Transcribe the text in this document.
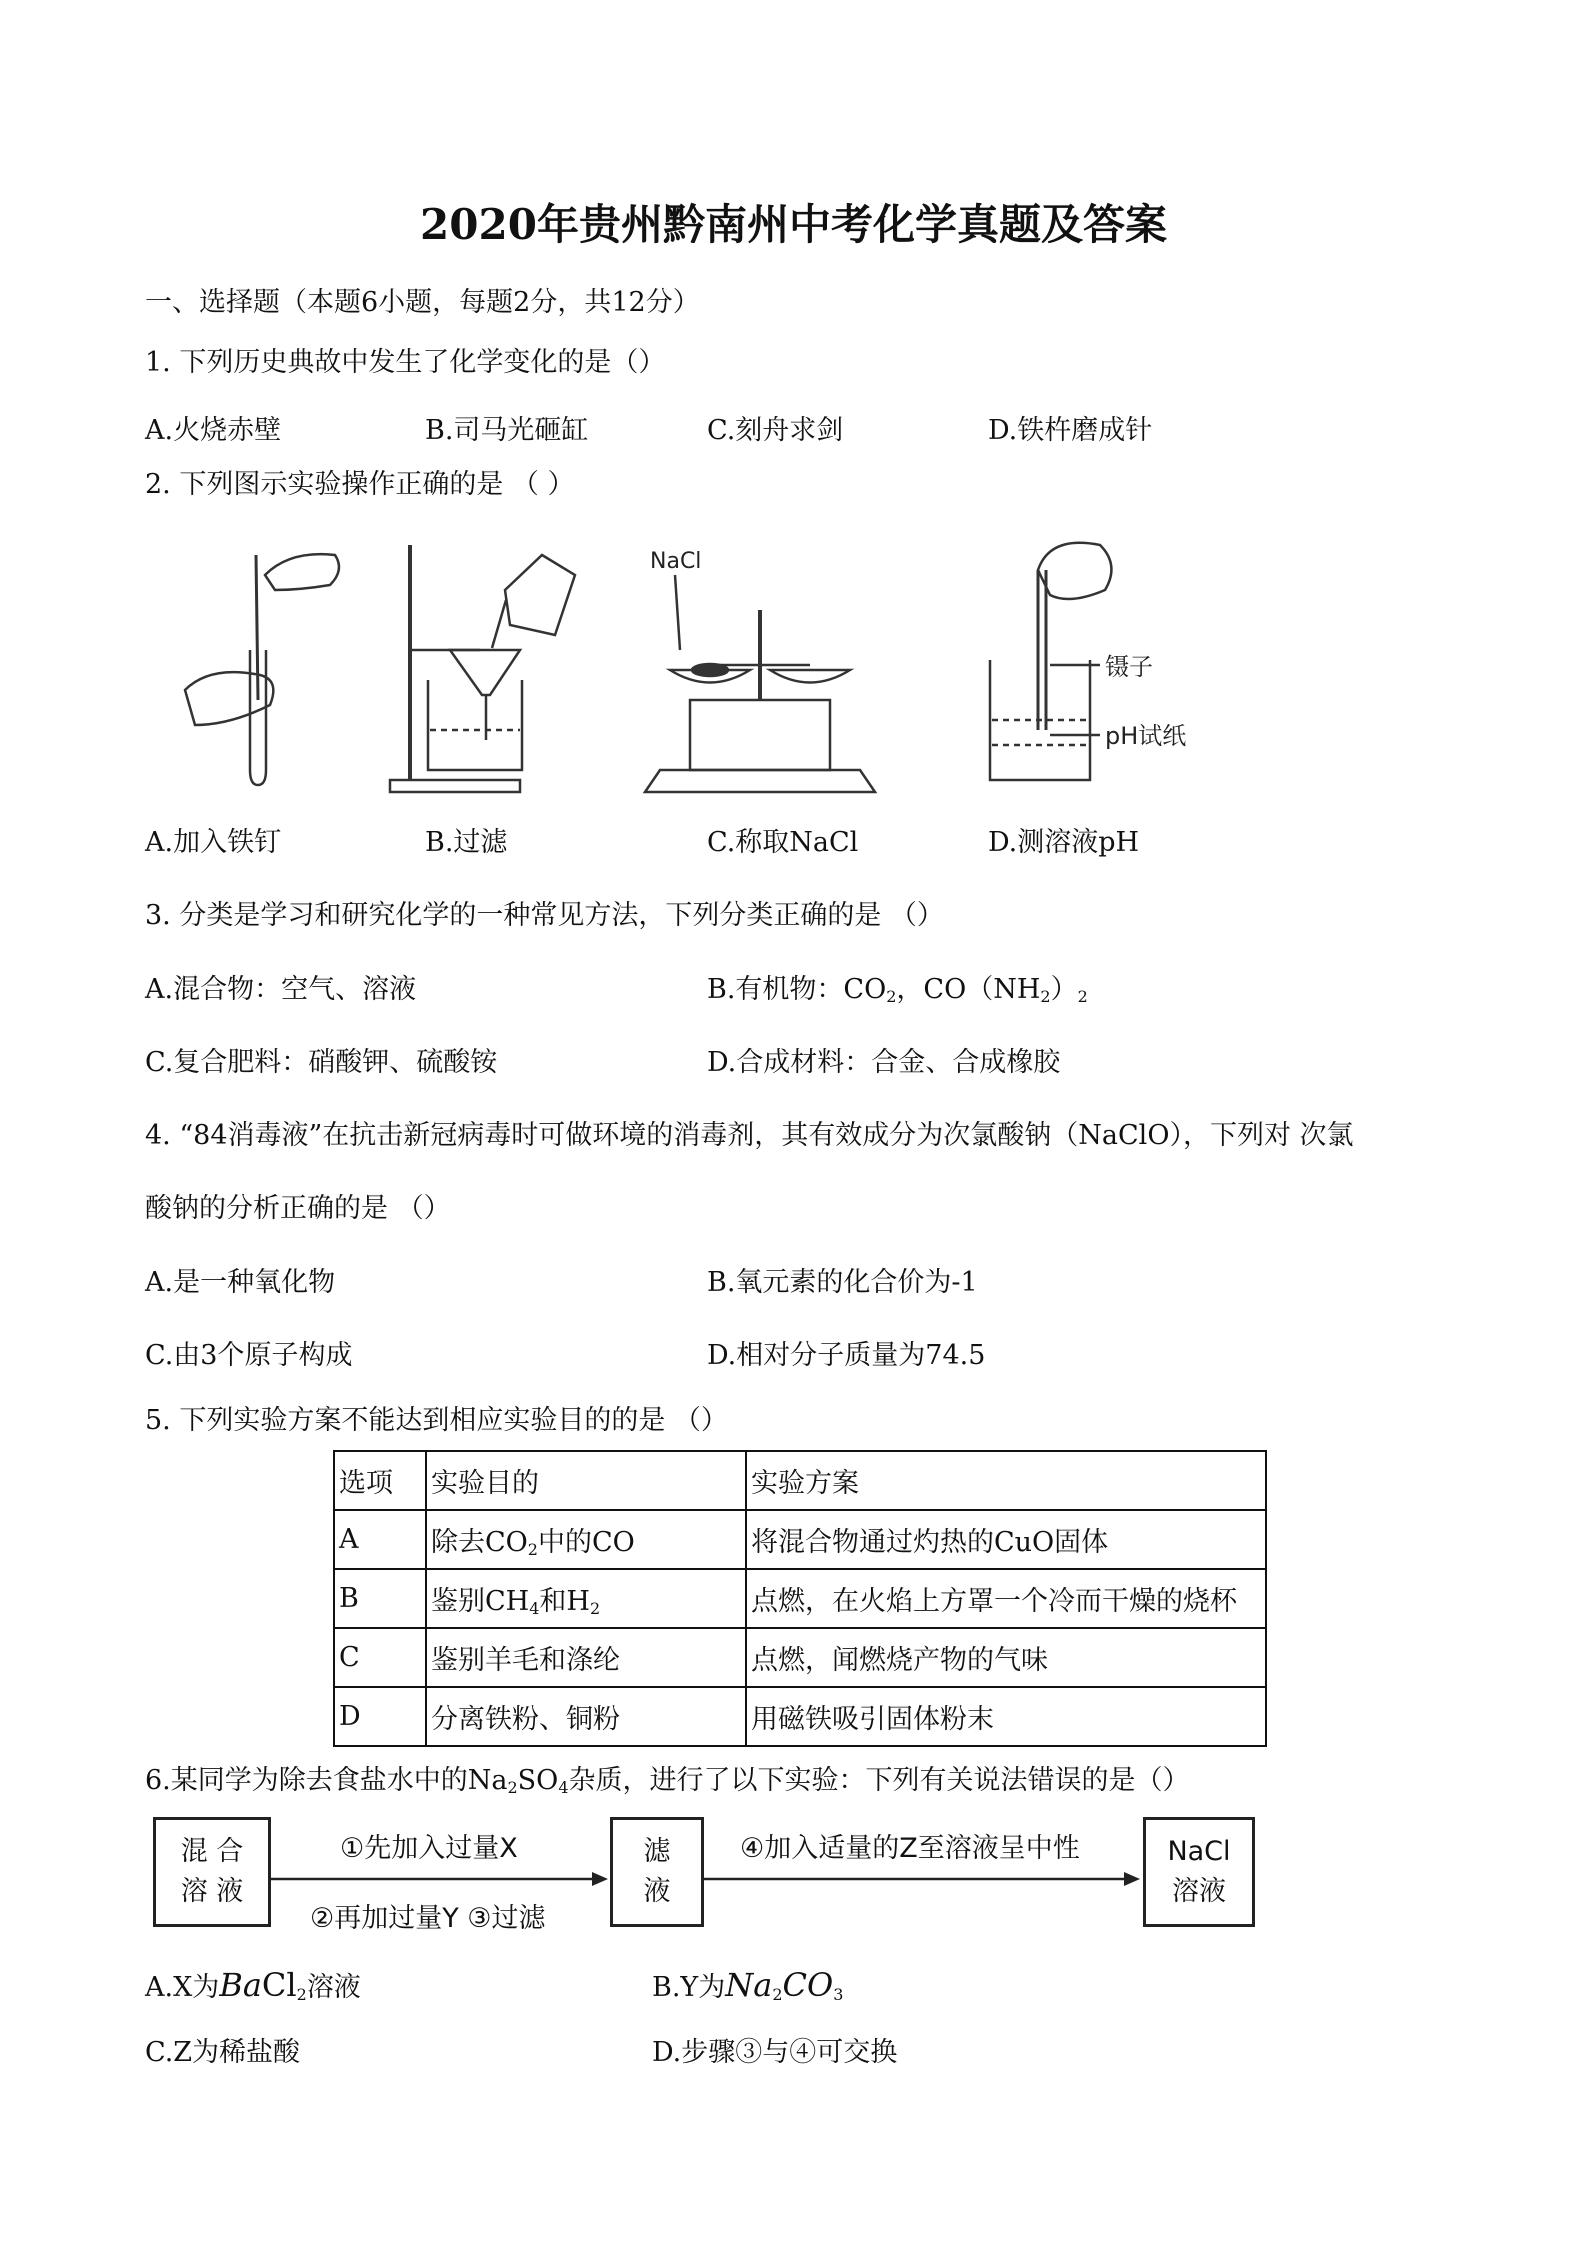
2020年贵州黔南州中考化学真题及答案
一、选择题（本题6小题，每题2分，共12分）
1. 下列历史典故中发生了化学变化的是（）
A.火烧赤壁	B.司马光砸缸	C.刻舟求剑	D.铁杵磨成针
2. 下列图示实验操作正确的是 （ ）
NaCl
镊子
pH试纸
A.加入铁钉	B.过滤	C.称取NaCl	D.测溶液pH
3. 分类是学习和研究化学的一种常见方法，下列分类正确的是 （）
A.混合物：空气、溶液	B.有机物：$CO_2$，$CO(NH_2)_2$
C.复合肥料：硝酸钾、硫酸铵	D.合成材料：合金、合成橡胶
4. “84消毒液”在抗击新冠病毒时可做环境的消毒剂，其有效成分为次氯酸钠（NaClO），下列对 次氯
酸钠的分析正确的是 （）
A.是一种氧化物	B.氧元素的化合价为-1
C.由3个原子构成	D.相对分子质量为74.5
5. 下列实验方案不能达到相应实验目的的是 （）
选项	实验目的	实验方案
A	除去$CO_2$中的CO	将混合物通过灼热的CuO固体
B	鉴别$CH_4$和$H_2$	点燃，在火焰上方罩一个冷而干燥的烧杯
C	鉴别羊毛和涤纶	点燃，闻燃烧产物的气味
D	分离铁粉、铜粉	用磁铁吸引固体粉末
6.某同学为除去食盐水中的$Na_2SO_4$杂质，进行了以下实验：下列有关说法错误的是（）
混 合
溶 液
滤
液
NaCl
溶液
①先加入过量X
②再加过量Y ③过滤
④加入适量的Z至溶液呈中性
A.X为BaCl$_2$溶液	B.Y为$Na_2CO_3$
C.Z为稀盐酸	D.步骤③与④可交换
